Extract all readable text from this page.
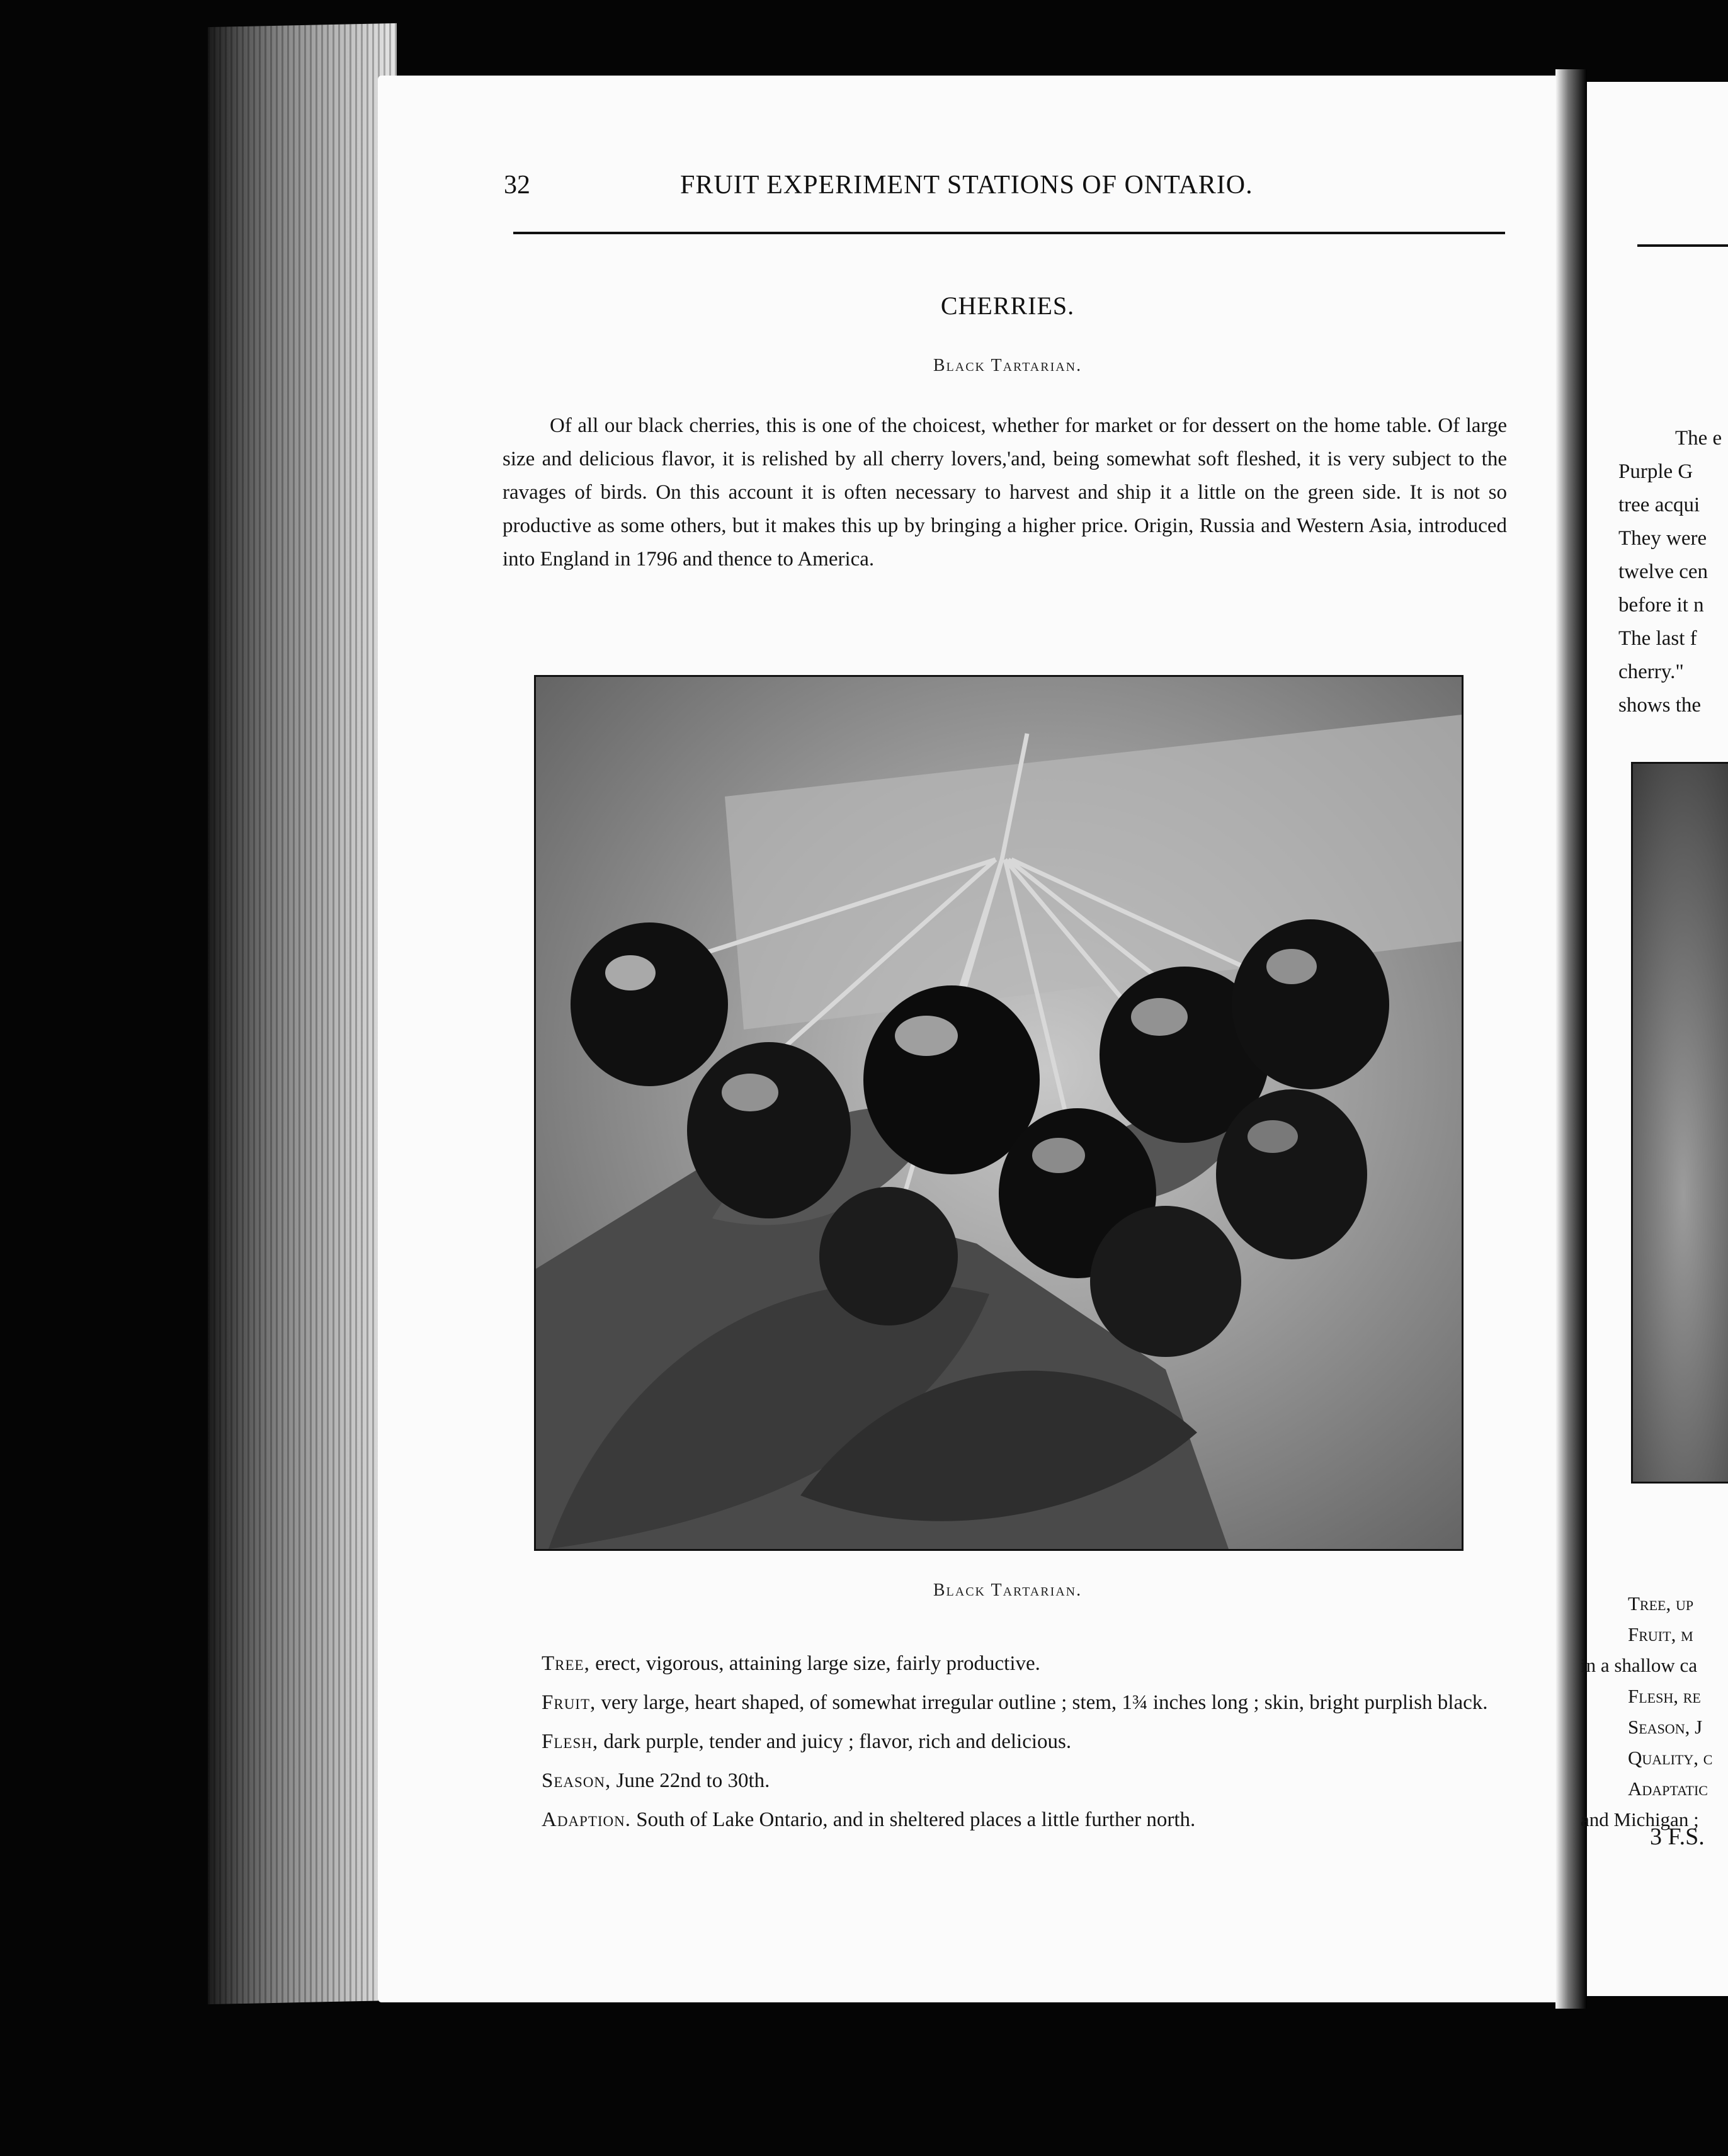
32	FRUIT EXPERIMENT STATIONS OF ONTARIO.
CHERRIES.
Black Tartarian.

Of all our black cherries, this is one of the choicest, whether for market or for dessert on the home table. Of large size and delicious flavor, it is relished by all cherry lovers,'and, being somewhat soft fleshed, it is very subject to the ravages of birds. On this account it is often necessary to harvest and ship it a little on the green side. It is not so productive as some others, but it makes this up by bringing a higher price. Origin, Russia and Western Asia, introduced into England in 1796 and thence to America.

Black Tartarian.

Tree, erect, vigorous, attaining large size, fairly productive.

Fruit, very large, heart shaped, of somewhat irregular outline ; stem, 1¾ inches long ; skin, bright purplish black.

Flesh, dark purple, tender and juicy ; flavor, rich and delicious.

Season, June 22nd to 30th.

Adaption. South of Lake Ontario, and in sheltered places a little further north.

The e
Purple G
tree acqui
They were
twelve cen
before it n
The last f
cherry."
shows the
Tree, up
Fruit, m
in a shallow ca
Flesh, re
Season, J
Quality, c
Adaptatic
and Michigan ;
3 F.S.
